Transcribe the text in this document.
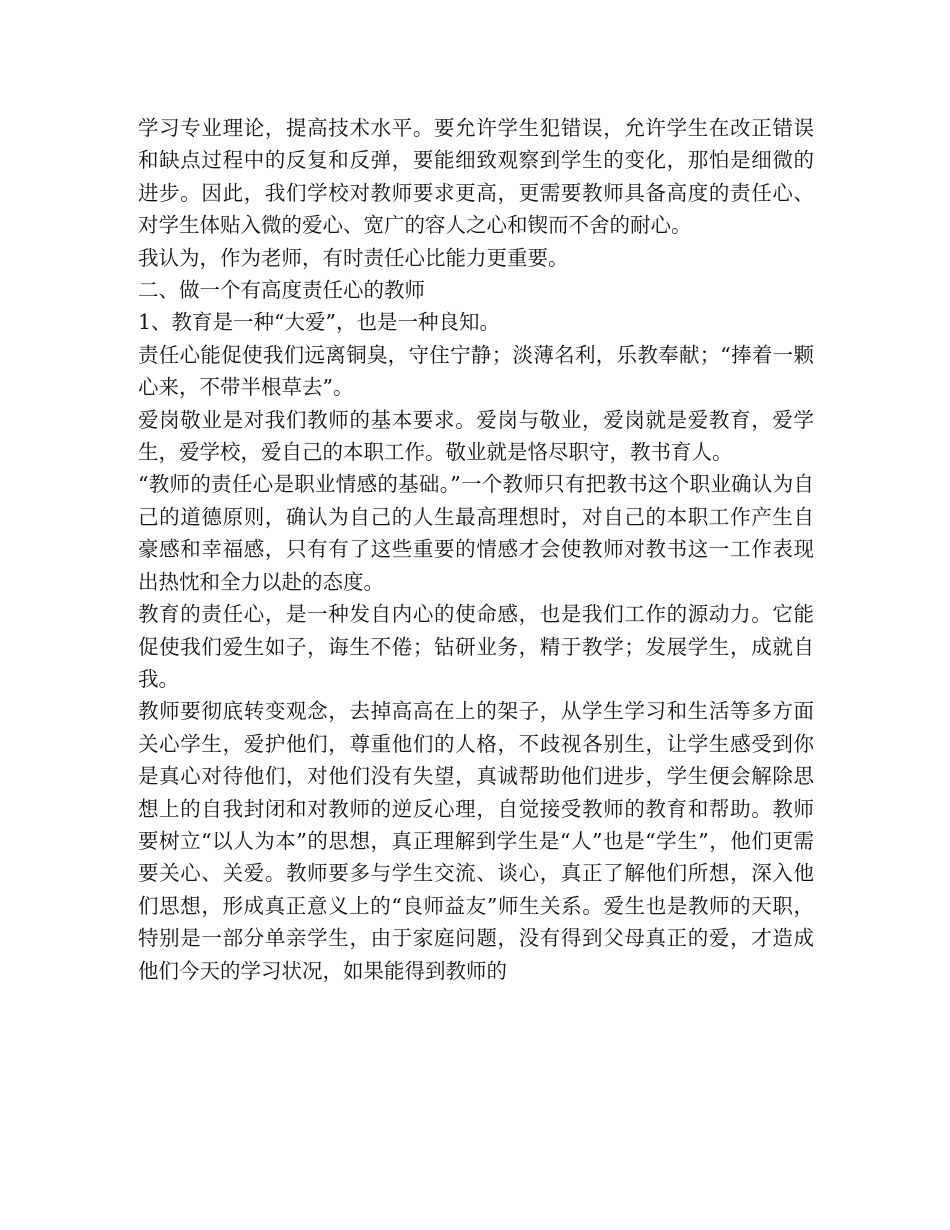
学习专业理论，提高技术水平。要允许学生犯错误，允许学生在改正错误和缺点过程中的反复和反弹，要能细致观察到学生的变化，那怕是细微的进步。因此，我们学校对教师要求更高，更需要教师具备高度的责任心、对学生体贴入微的爱心、宽广的容人之心和锲而不舍的耐心。

我认为，作为老师，有时责任心比能力更重要。

二、做一个有高度责任心的教师

1、教育是一种“大爱”，也是一种良知。

责任心能促使我们远离铜臭，守住宁静；淡薄名利，乐教奉献；“捧着一颗心来，不带半根草去”。

爱岗敬业是对我们教师的基本要求。爱岗与敬业，爱岗就是爱教育，爱学生，爱学校，爱自己的本职工作。敬业就是恪尽职守，教书育人。

“教师的责任心是职业情感的基础。”一个教师只有把教书这个职业确认为自己的道德原则，确认为自己的人生最高理想时，对自己的本职工作产生自豪感和幸福感，只有有了这些重要的情感才会使教师对教书这一工作表现出热忱和全力以赴的态度。

教育的责任心，是一种发自内心的使命感，也是我们工作的源动力。它能促使我们爱生如子，诲生不倦；钻研业务，精于教学；发展学生，成就自我。

教师要彻底转变观念，去掉高高在上的架子，从学生学习和生活等多方面关心学生，爱护他们，尊重他们的人格，不歧视各别生，让学生感受到你是真心对待他们，对他们没有失望，真诚帮助他们进步，学生便会解除思想上的自我封闭和对教师的逆反心理，自觉接受教师的教育和帮助。教师要树立“以人为本”的思想，真正理解到学生是“人”也是“学生”，他们更需要关心、关爱。教师要多与学生交流、谈心，真正了解他们所想，深入他们思想，形成真正意义上的“良师益友”师生关系。爱生也是教师的天职，特别是一部分单亲学生，由于家庭问题，没有得到父母真正的爱，才造成他们今天的学习状况，如果能得到教师的
